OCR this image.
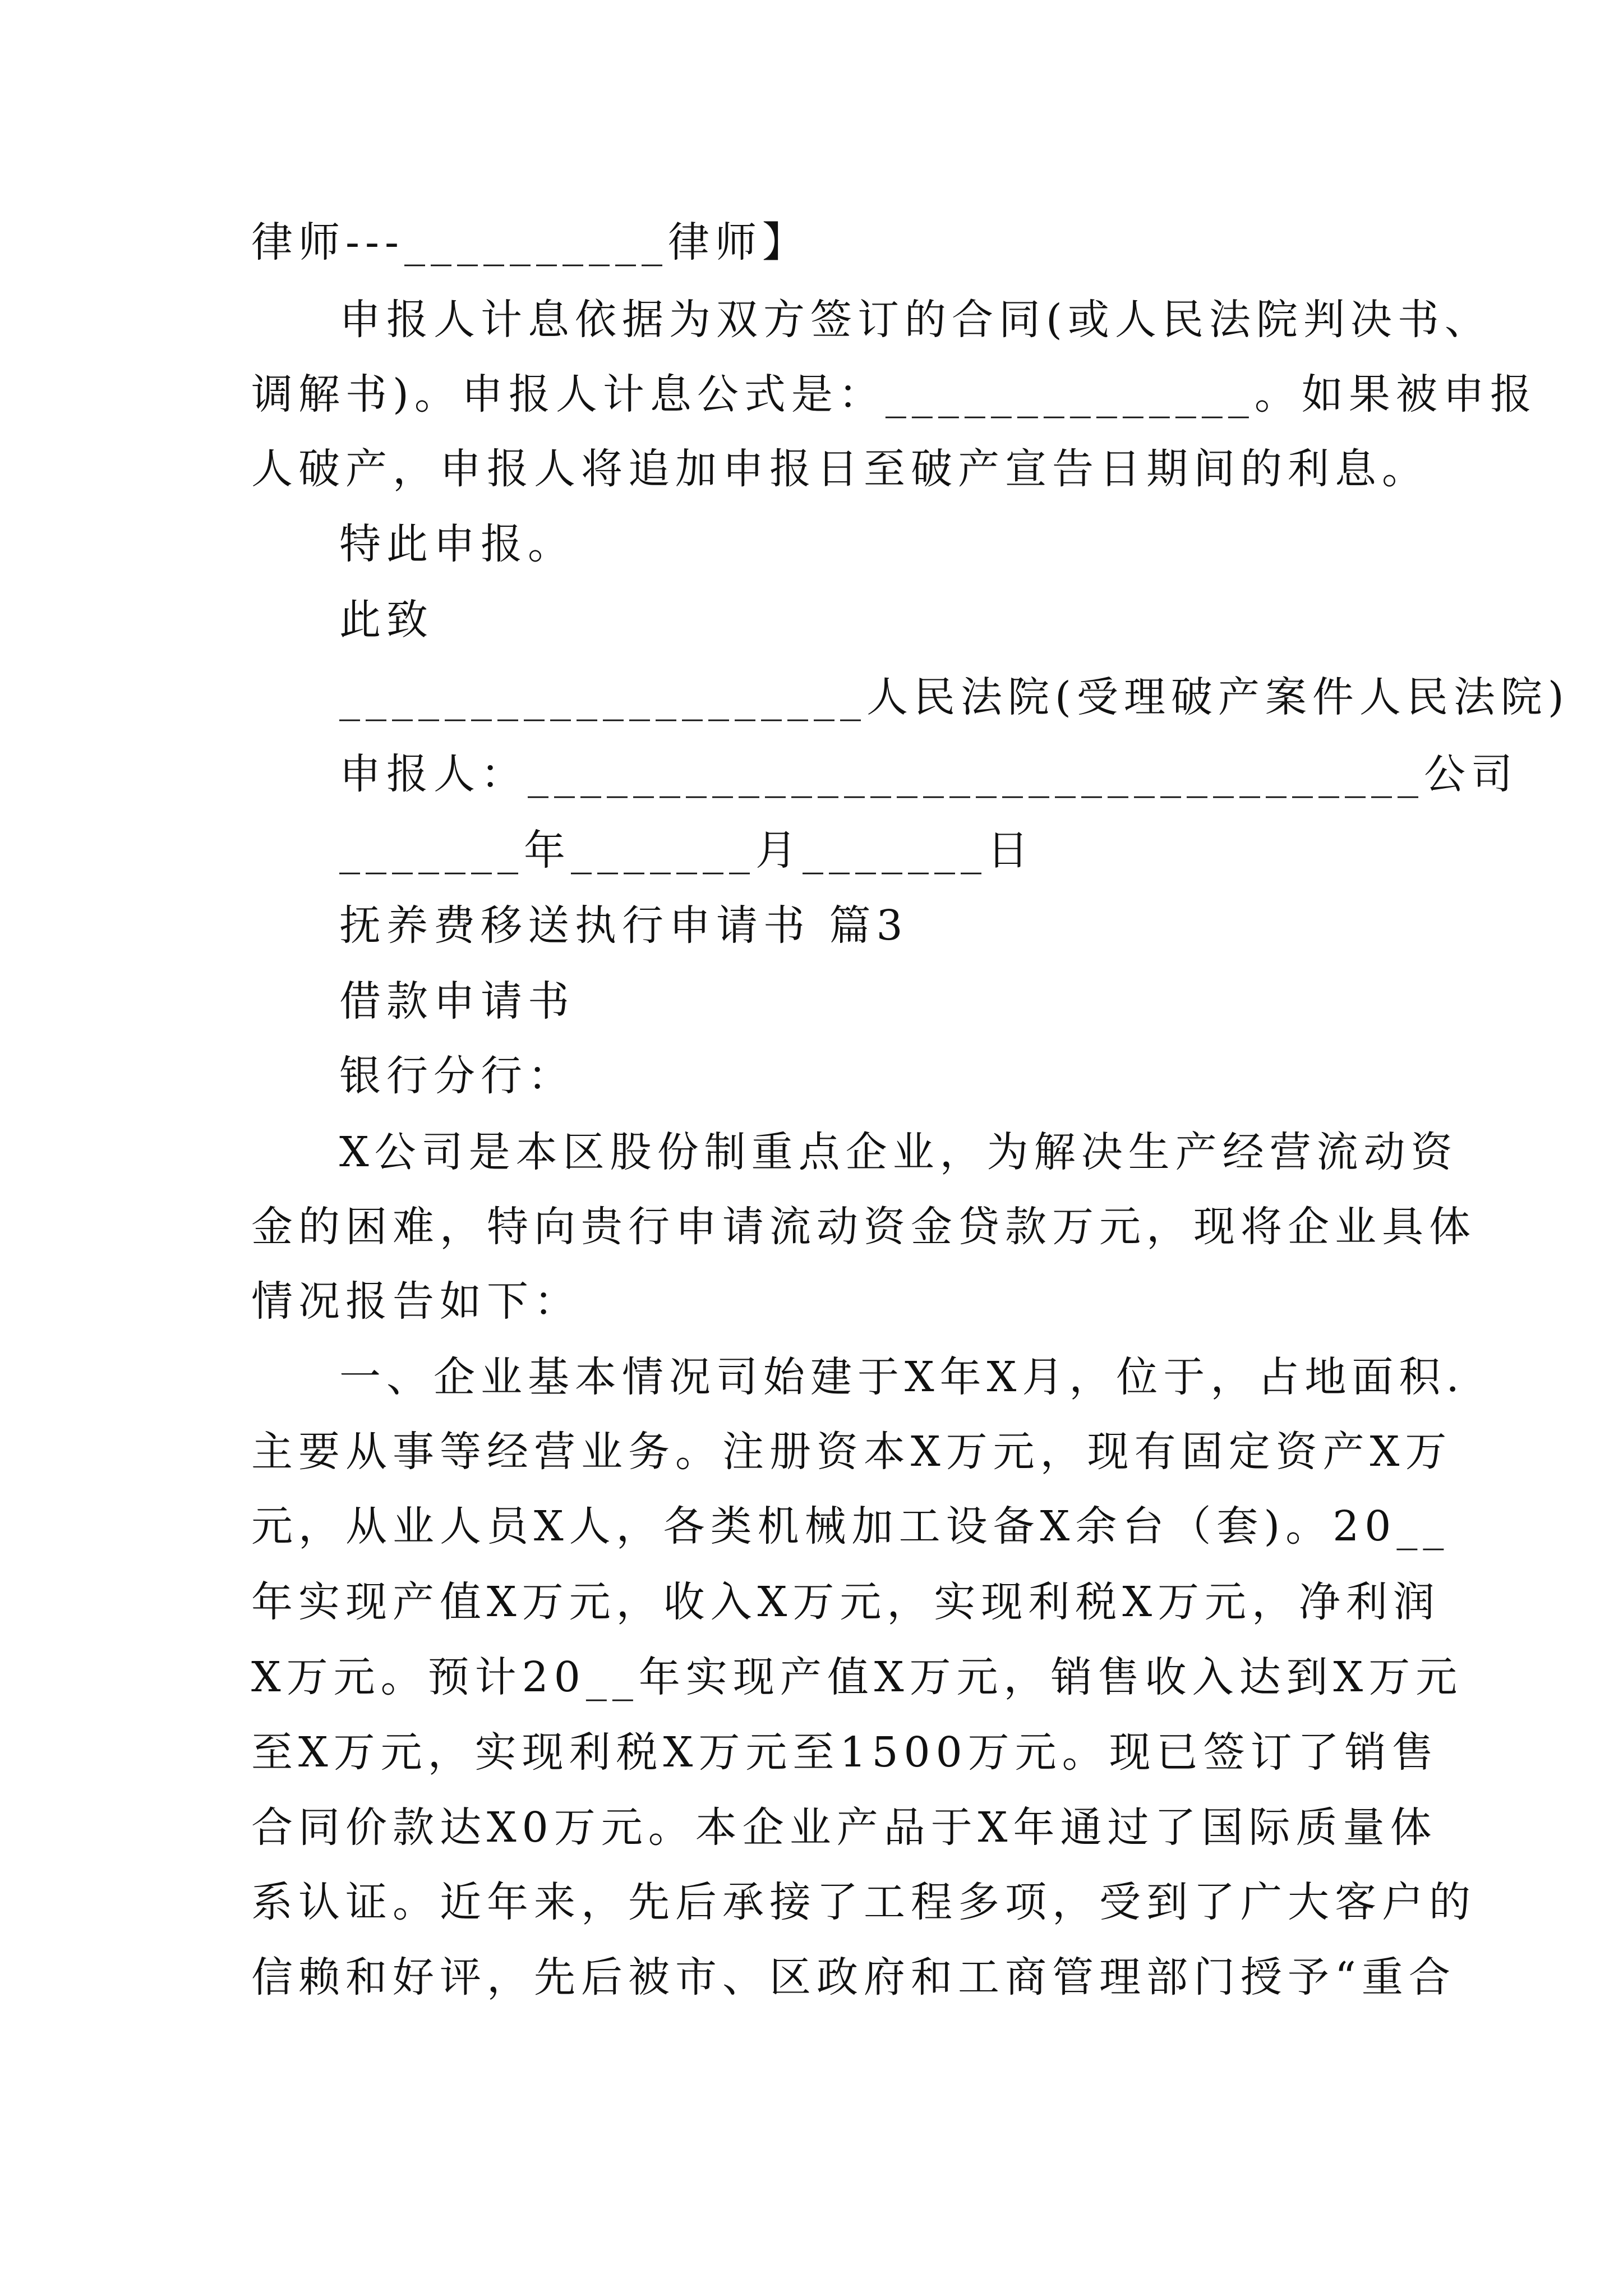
律师---__________律师】
申报人计息依据为双方签订的合同(或人民法院判决书、
调解书)。申报人计息公式是：______________。如果被申报
人破产，申报人将追加申报日至破产宣告日期间的利息。
特此申报。
此致
____________________人民法院(受理破产案件人民法院)
申报人：__________________________________公司
_______年_______月_______日
抚养费移送执行申请书 篇3
借款申请书
银行分行：
X公司是本区股份制重点企业，为解决生产经营流动资
金的困难，特向贵行申请流动资金贷款万元，现将企业具体
情况报告如下：
一、企业基本情况司始建于X年X月，位于，占地面积.
主要从事等经营业务。注册资本X万元，现有固定资产X万
元，从业人员X人，各类机械加工设备X余台（套)。20__
年实现产值X万元，收入X万元，实现利税X万元，净利润
X万元。预计20__年实现产值X万元，销售收入达到X万元
至X万元，实现利税X万元至1500万元。现已签订了销售
合同价款达X0万元。本企业产品于X年通过了国际质量体
系认证。近年来，先后承接了工程多项，受到了广大客户的
信赖和好评，先后被市、区政府和工商管理部门授予“重合
